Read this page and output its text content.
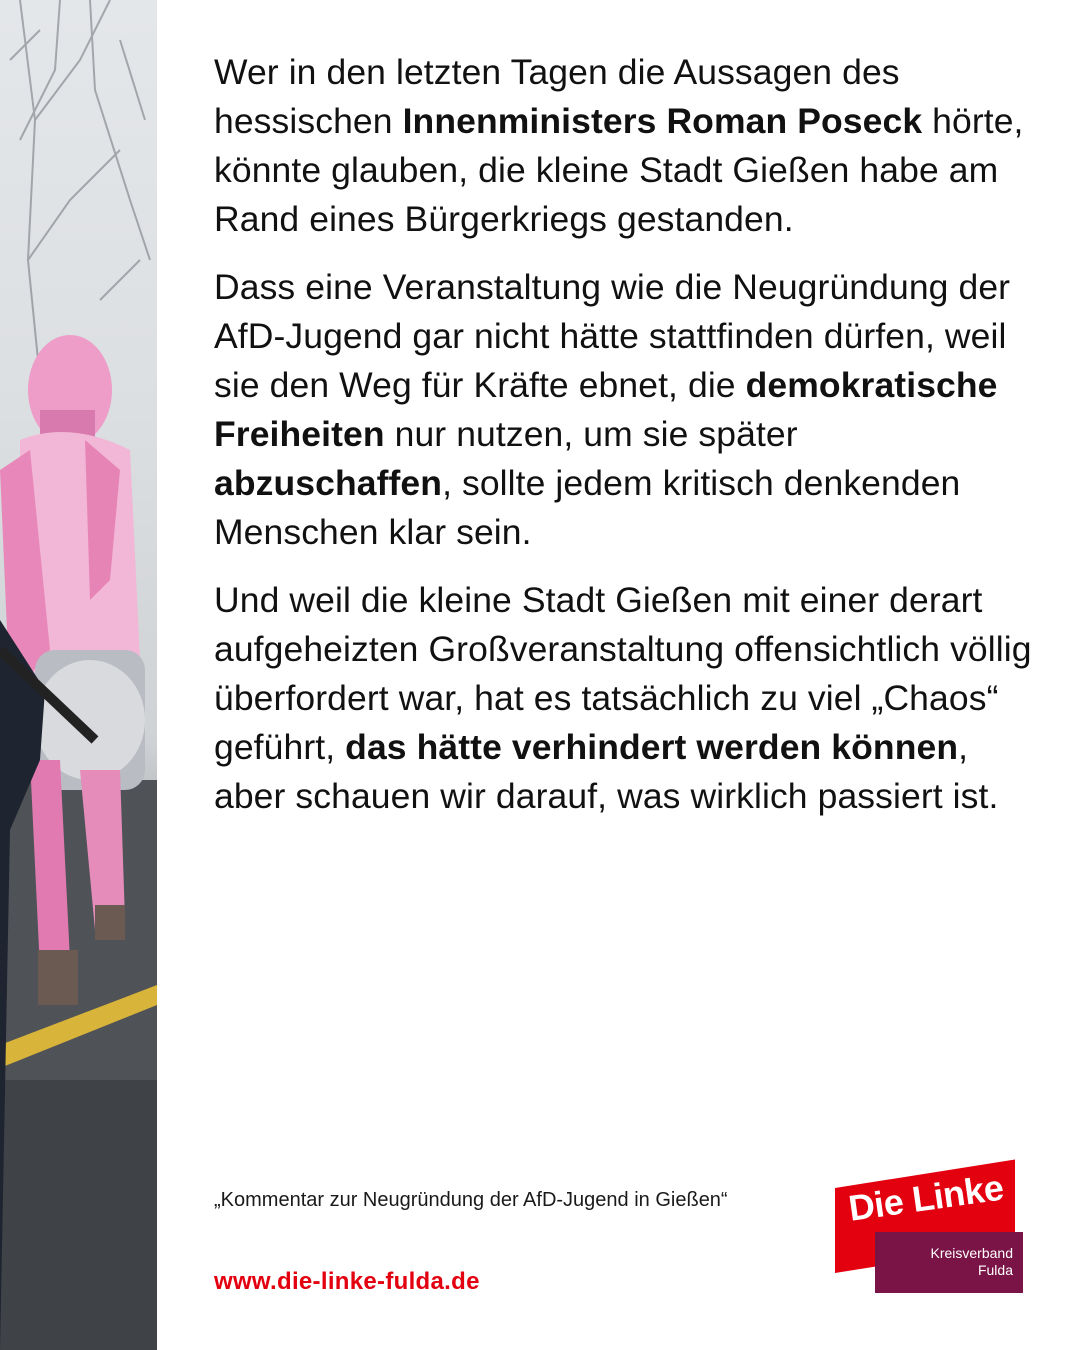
Wer in den letzten Tagen die Aussagen des hessischen Innenministers Roman Poseck hörte, könnte glauben, die kleine Stadt Gießen habe am Rand eines Bürgerkriegs gestanden.

Dass eine Veranstaltung wie die Neugründung der AfD-Jugend gar nicht hätte stattfinden dürfen, weil sie den Weg für Kräfte ebnet, die demokratische Freiheiten nur nutzen, um sie später abzuschaffen, sollte jedem kritisch denkenden Menschen klar sein.

Und weil die kleine Stadt Gießen mit einer derart aufgeheizten Großveranstaltung offensichtlich völlig überfordert war, hat es tatsächlich zu viel „Chaos“ geführt, das hätte verhindert werden können, aber schauen wir darauf, was wirklich passiert ist.

„Kommentar zur Neugründung der AfD-Jugend in Gießen“
www.die-linke-fulda.de
Die Linke
Kreisverband
Fulda
